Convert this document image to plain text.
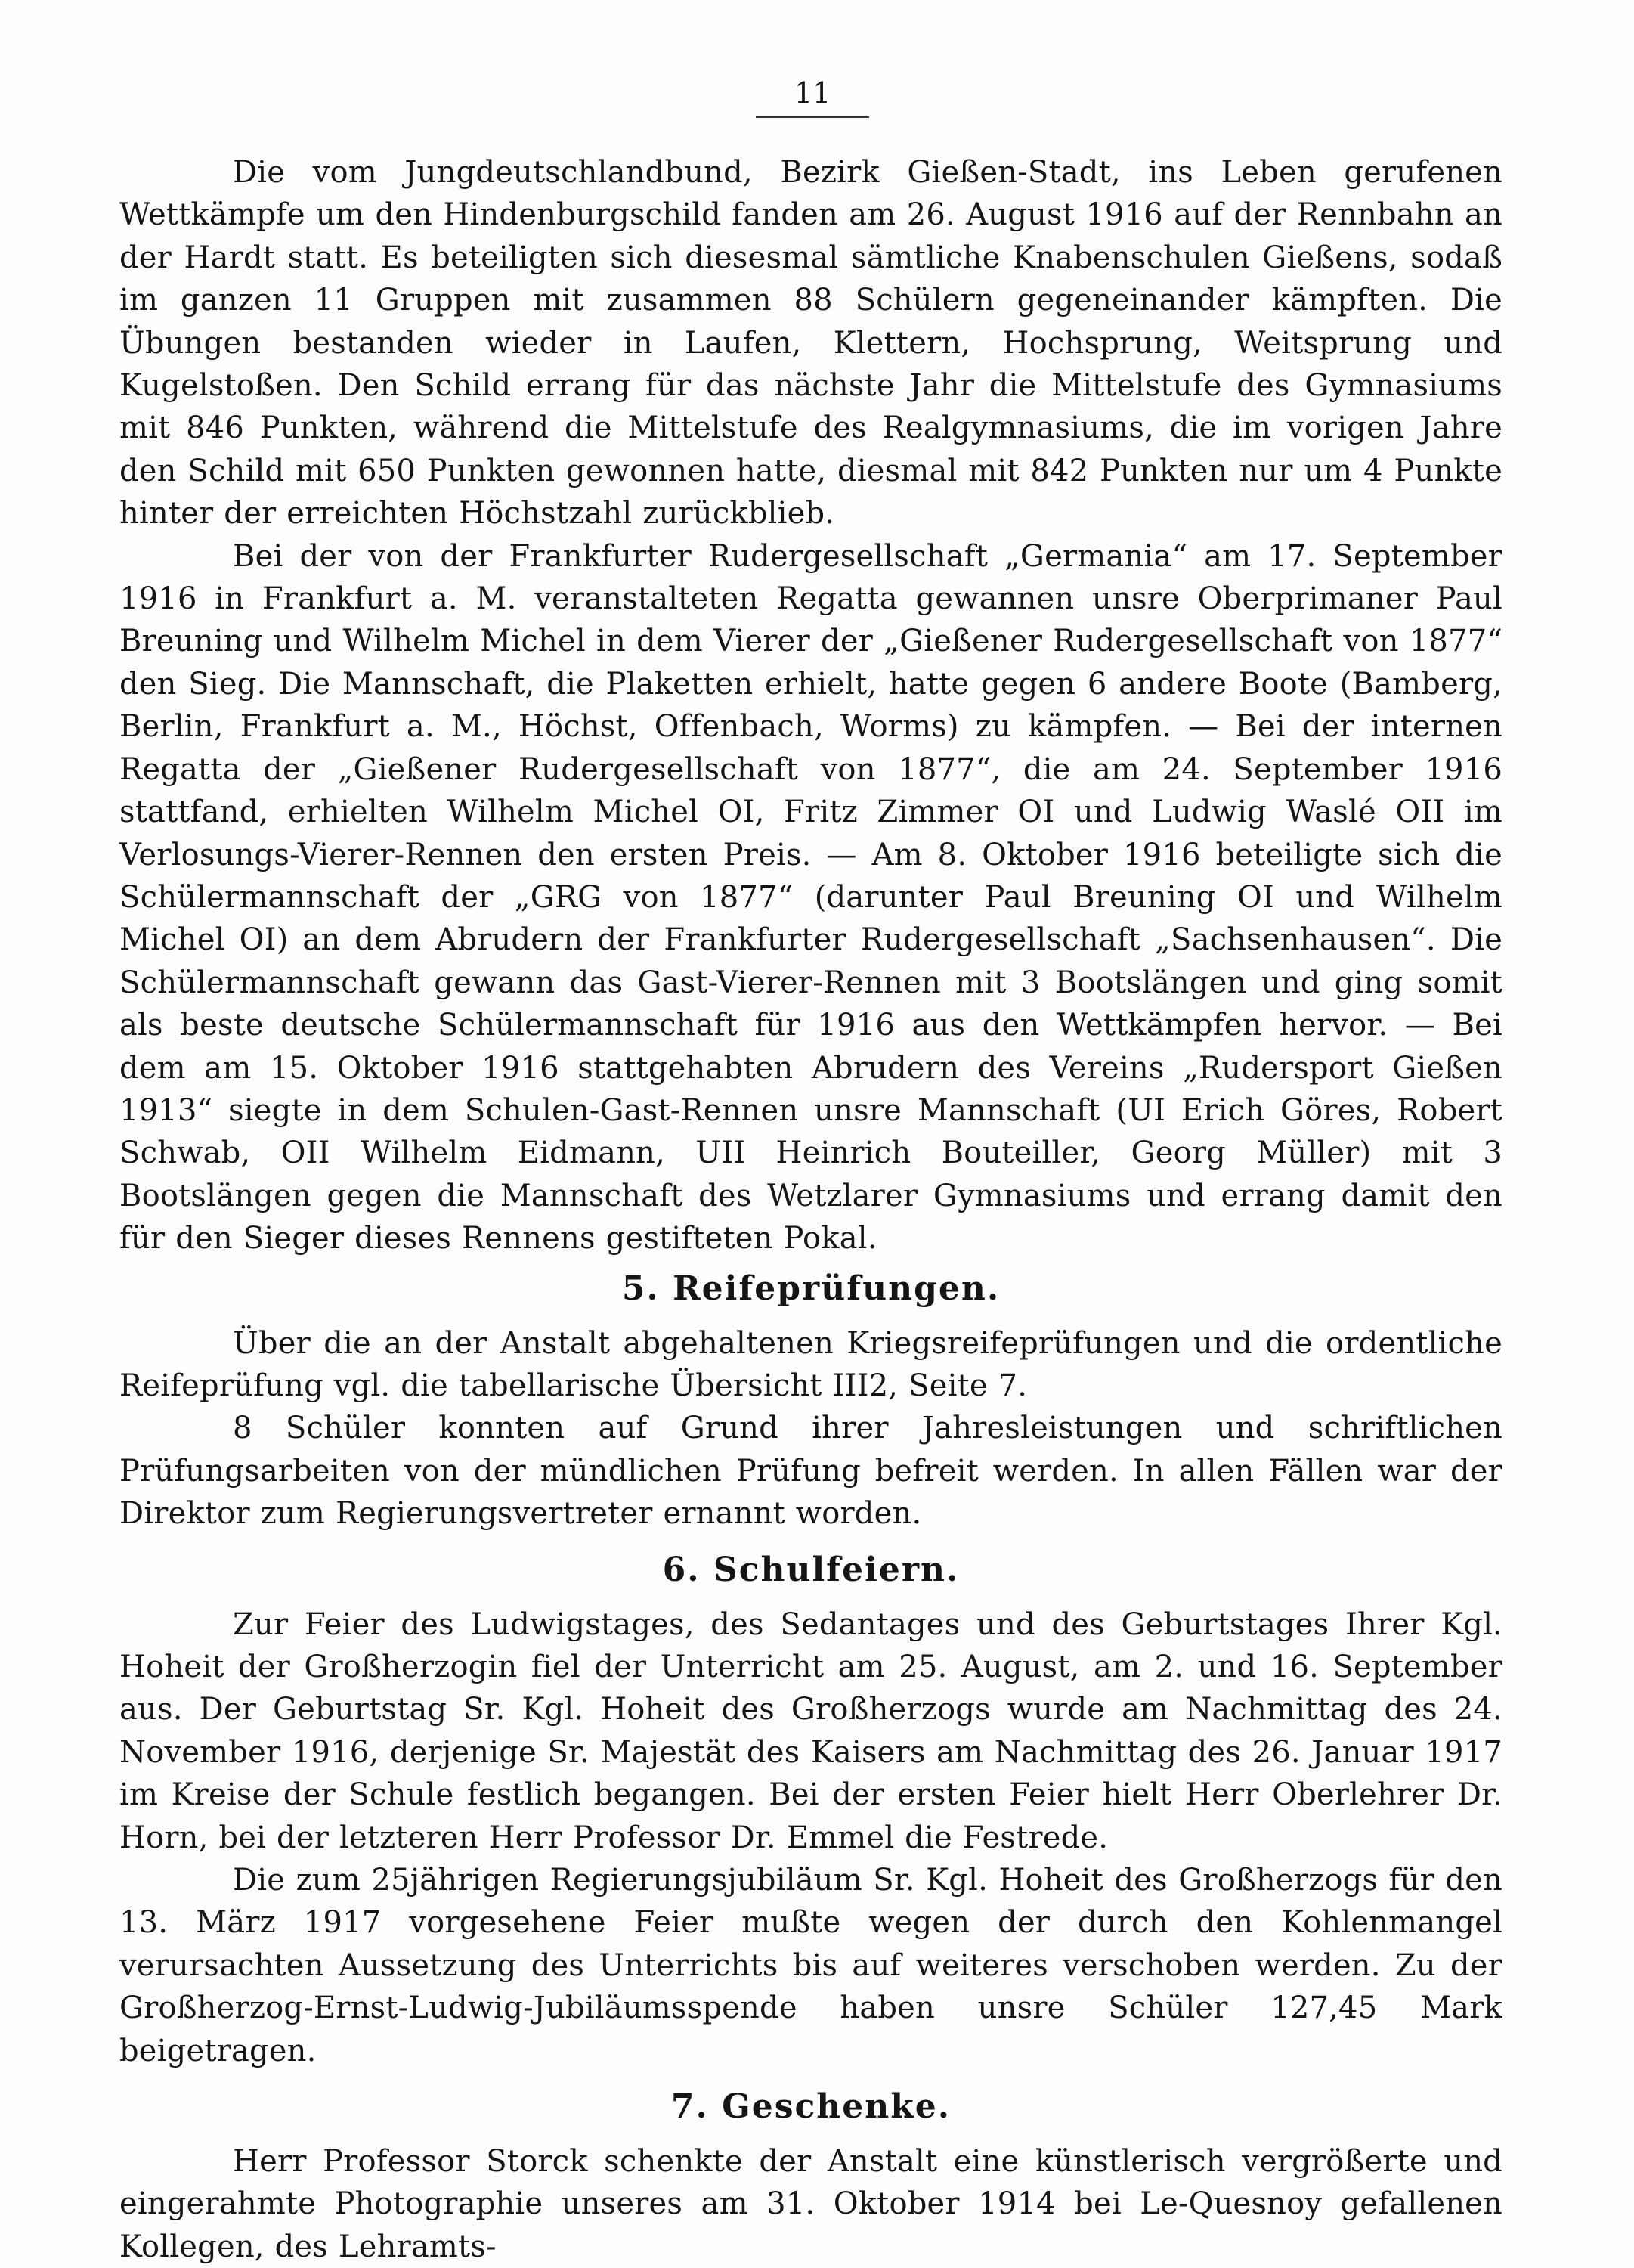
11

Die vom Jungdeutschlandbund, Bezirk Gießen-Stadt, ins Leben gerufenen Wettkämpfe um den Hindenburgschild fanden am 26. August 1916 auf der Rennbahn an der Hardt statt. Es beteiligten sich diesesmal sämtliche Knabenschulen Gießens, sodaß im ganzen 11 Gruppen mit zusammen 88 Schülern gegeneinander kämpften. Die Übungen bestanden wieder in Laufen, Klettern, Hochsprung, Weitsprung und Kugelstoßen. Den Schild errang für das nächste Jahr die Mittelstufe des Gymnasiums mit 846 Punkten, während die Mittelstufe des Realgymnasiums, die im vorigen Jahre den Schild mit 650 Punkten gewonnen hatte, diesmal mit 842 Punkten nur um 4 Punkte hinter der erreichten Höchstzahl zurückblieb.

Bei der von der Frankfurter Rudergesellschaft „Germania“ am 17. September 1916 in Frankfurt a. M. veranstalteten Regatta gewannen unsre Oberprimaner Paul Breuning und Wilhelm Michel in dem Vierer der „Gießener Rudergesellschaft von 1877“ den Sieg. Die Mannschaft, die Plaketten erhielt, hatte gegen 6 andere Boote (Bamberg, Berlin, Frankfurt a. M., Höchst, Offenbach, Worms) zu kämpfen. — Bei der internen Regatta der „Gießener Rudergesellschaft von 1877“, die am 24. September 1916 stattfand, erhielten Wilhelm Michel OI, Fritz Zimmer OI und Ludwig Waslé OII im Verlosungs-Vierer-Rennen den ersten Preis. — Am 8. Oktober 1916 beteiligte sich die Schülermannschaft der „GRG von 1877“ (darunter Paul Breuning OI und Wilhelm Michel OI) an dem Abrudern der Frankfurter Rudergesellschaft „Sachsenhausen“. Die Schülermannschaft gewann das Gast-Vierer-Rennen mit 3 Bootslängen und ging somit als beste deutsche Schülermannschaft für 1916 aus den Wettkämpfen hervor. — Bei dem am 15. Oktober 1916 stattgehabten Abrudern des Vereins „Rudersport Gießen 1913“ siegte in dem Schulen-Gast-Rennen unsre Mannschaft (UI Erich Göres, Robert Schwab, OII Wilhelm Eidmann, UII Heinrich Bouteiller, Georg Müller) mit 3 Bootslängen gegen die Mannschaft des Wetzlarer Gymnasiums und errang damit den für den Sieger dieses Rennens gestifteten Pokal.

5. Reifeprüfungen.

Über die an der Anstalt abgehaltenen Kriegsreifeprüfungen und die ordentliche Reifeprüfung vgl. die tabellarische Übersicht III2, Seite 7.

8 Schüler konnten auf Grund ihrer Jahresleistungen und schriftlichen Prüfungsarbeiten von der mündlichen Prüfung befreit werden. In allen Fällen war der Direktor zum Regierungsvertreter ernannt worden.

6. Schulfeiern.

Zur Feier des Ludwigstages, des Sedantages und des Geburtstages Ihrer Kgl. Hoheit der Großherzogin fiel der Unterricht am 25. August, am 2. und 16. September aus. Der Geburtstag Sr. Kgl. Hoheit des Großherzogs wurde am Nachmittag des 24. November 1916, derjenige Sr. Majestät des Kaisers am Nachmittag des 26. Januar 1917 im Kreise der Schule festlich begangen. Bei der ersten Feier hielt Herr Oberlehrer Dr. Horn, bei der letzteren Herr Professor Dr. Emmel die Festrede.

Die zum 25jährigen Regierungsjubiläum Sr. Kgl. Hoheit des Großherzogs für den 13. März 1917 vorgesehene Feier mußte wegen der durch den Kohlenmangel verursachten Aussetzung des Unterrichts bis auf weiteres verschoben werden. Zu der Großherzog-Ernst-Ludwig-Jubiläumsspende haben unsre Schüler 127,45 Mark beigetragen.

7. Geschenke.

Herr Professor Storck schenkte der Anstalt eine künstlerisch vergrößerte und eingerahmte Photographie unseres am 31. Oktober 1914 bei Le-Quesnoy gefallenen Kollegen, des Lehramts-
